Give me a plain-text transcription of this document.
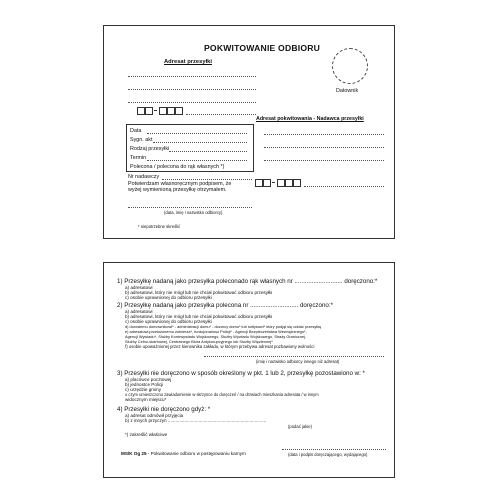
POKWITOWANIE ODBIORU
Adresat przesyłki
Datownik
Adresat pokwitowania - Nadawca przesyłki
Data
Sygn. akt
Rodzaj przesyłki
Termin
Polecona / polecona do rąk własnych *)
Nr nadawczy
Potwierdzam własnoręcznym podpisem, że
wyżej wymienioną przesyłkę otrzymałem.
(data, imię i nazwisko odbiorcy)
* niepotrzebne skreślić
1) Przesyłkę nadaną jako przesyłka poleconado rąk własnych nr ............................ doręczono:*
a) adresatowi
b) adresatowi, który nie mógł lub nie chciał pokwitować odbioru przesyłki
c) osobie uprawnionej do odbioru przesyłki
2) Przesyłkę nadaną jako przesyłka polecona nr ............................ doręczono:*
a) adresatowi
b) adresatowi, który nie mógł lub nie chciał pokwitować odbioru przesyłki
c) osobie uprawnionej do odbioru przesyłki
d) dorosłemu domownikowi* - administracji domu* - dozorcy domu* lub sołtysowi* który podjął się oddać przesyłkę
e) adresatowi,przełożonemu żołnierza*, funkcjonariusz Policji* - Agencji Bezpieczeństwa Wewnętrznego*,
Agencji Wywiadu*, Służby Kontrwywiadu Wojskowego, Służby Wywiadu Wojskowego, Straży Granicznej,
Służby Celno-skarbowej, Centralnego Biura Antykorupcyjnego lub Służby Więziennej*
f) osobie upoważnionej przez kierownika zakładu, w którym przebywa adresat pozbawiony wolności
(imię i nazwisko odbiorcy innego niż adresat)
3) Przesyłki nie doręczono w sposób określony w pkt. 1 lub 2, przesyłkę pozostawiono w: *
a) placówce pocztowej
b) jednostce Policji
c) urzędzie gminy
o czym umieszczono zawiadomienie w skrzynce do doręczeń / na drzwiach mieszkania adresata / w innym
widocznym miejscu*
4) Przesyłki nie doręczono gdyż: *
a) adresat odmówił przyjęcia
b) z innych przyczyn .............................................................................
(podać jakie)
*) zakreślić właściwe
MS/K Og 25 - Pokwitowanie odbioru w postępowaniu karnym	(data i podpis doręczającego, wydającego)
